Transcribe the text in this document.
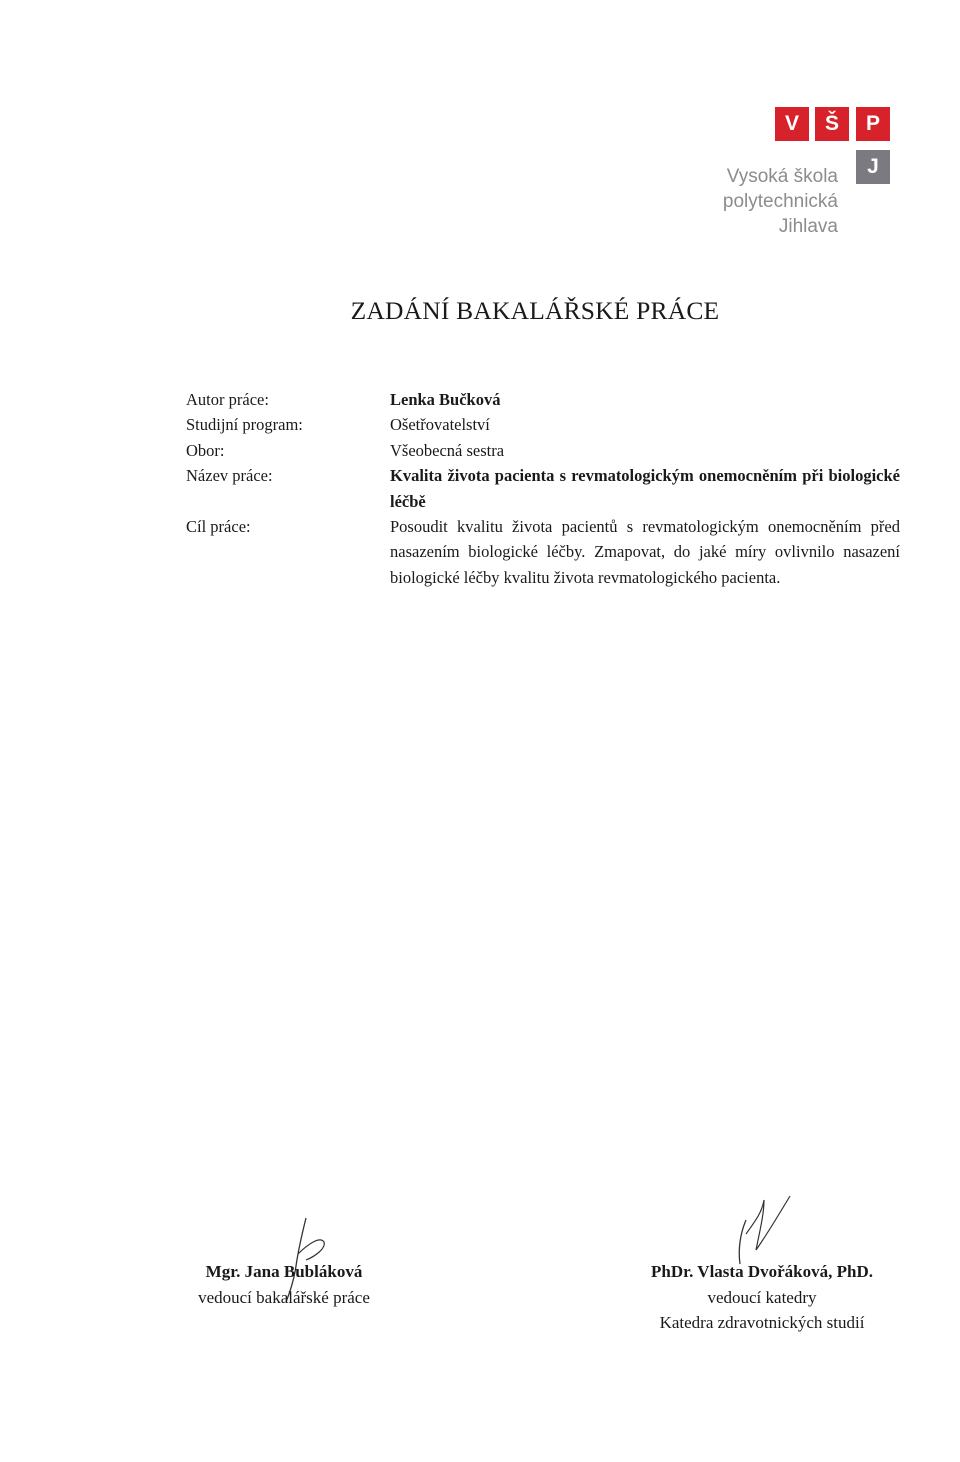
V	Š	P
J
Vysoká škola
polytechnická
Jihlava
ZADÁNÍ BAKALÁŘSKÉ PRÁCE
Autor práce:	Lenka Bučková
Studijní program:	Ošetřovatelství
Obor:	Všeobecná sestra
Název práce:	Kvalita života pacienta s revmatologickým onemocněním při biologické léčbě
Cíl práce:	Posoudit kvalitu života pacientů s revmatologickým onemocněním před nasazením biologické léčby. Zmapovat, do jaké míry ovlivnilo nasazení biologické léčby kvalitu života revmatologického pacienta.
Mgr. Jana Bubláková
vedoucí bakalářské práce
PhDr. Vlasta Dvořáková, PhD.
vedoucí katedry
Katedra zdravotnických studií
